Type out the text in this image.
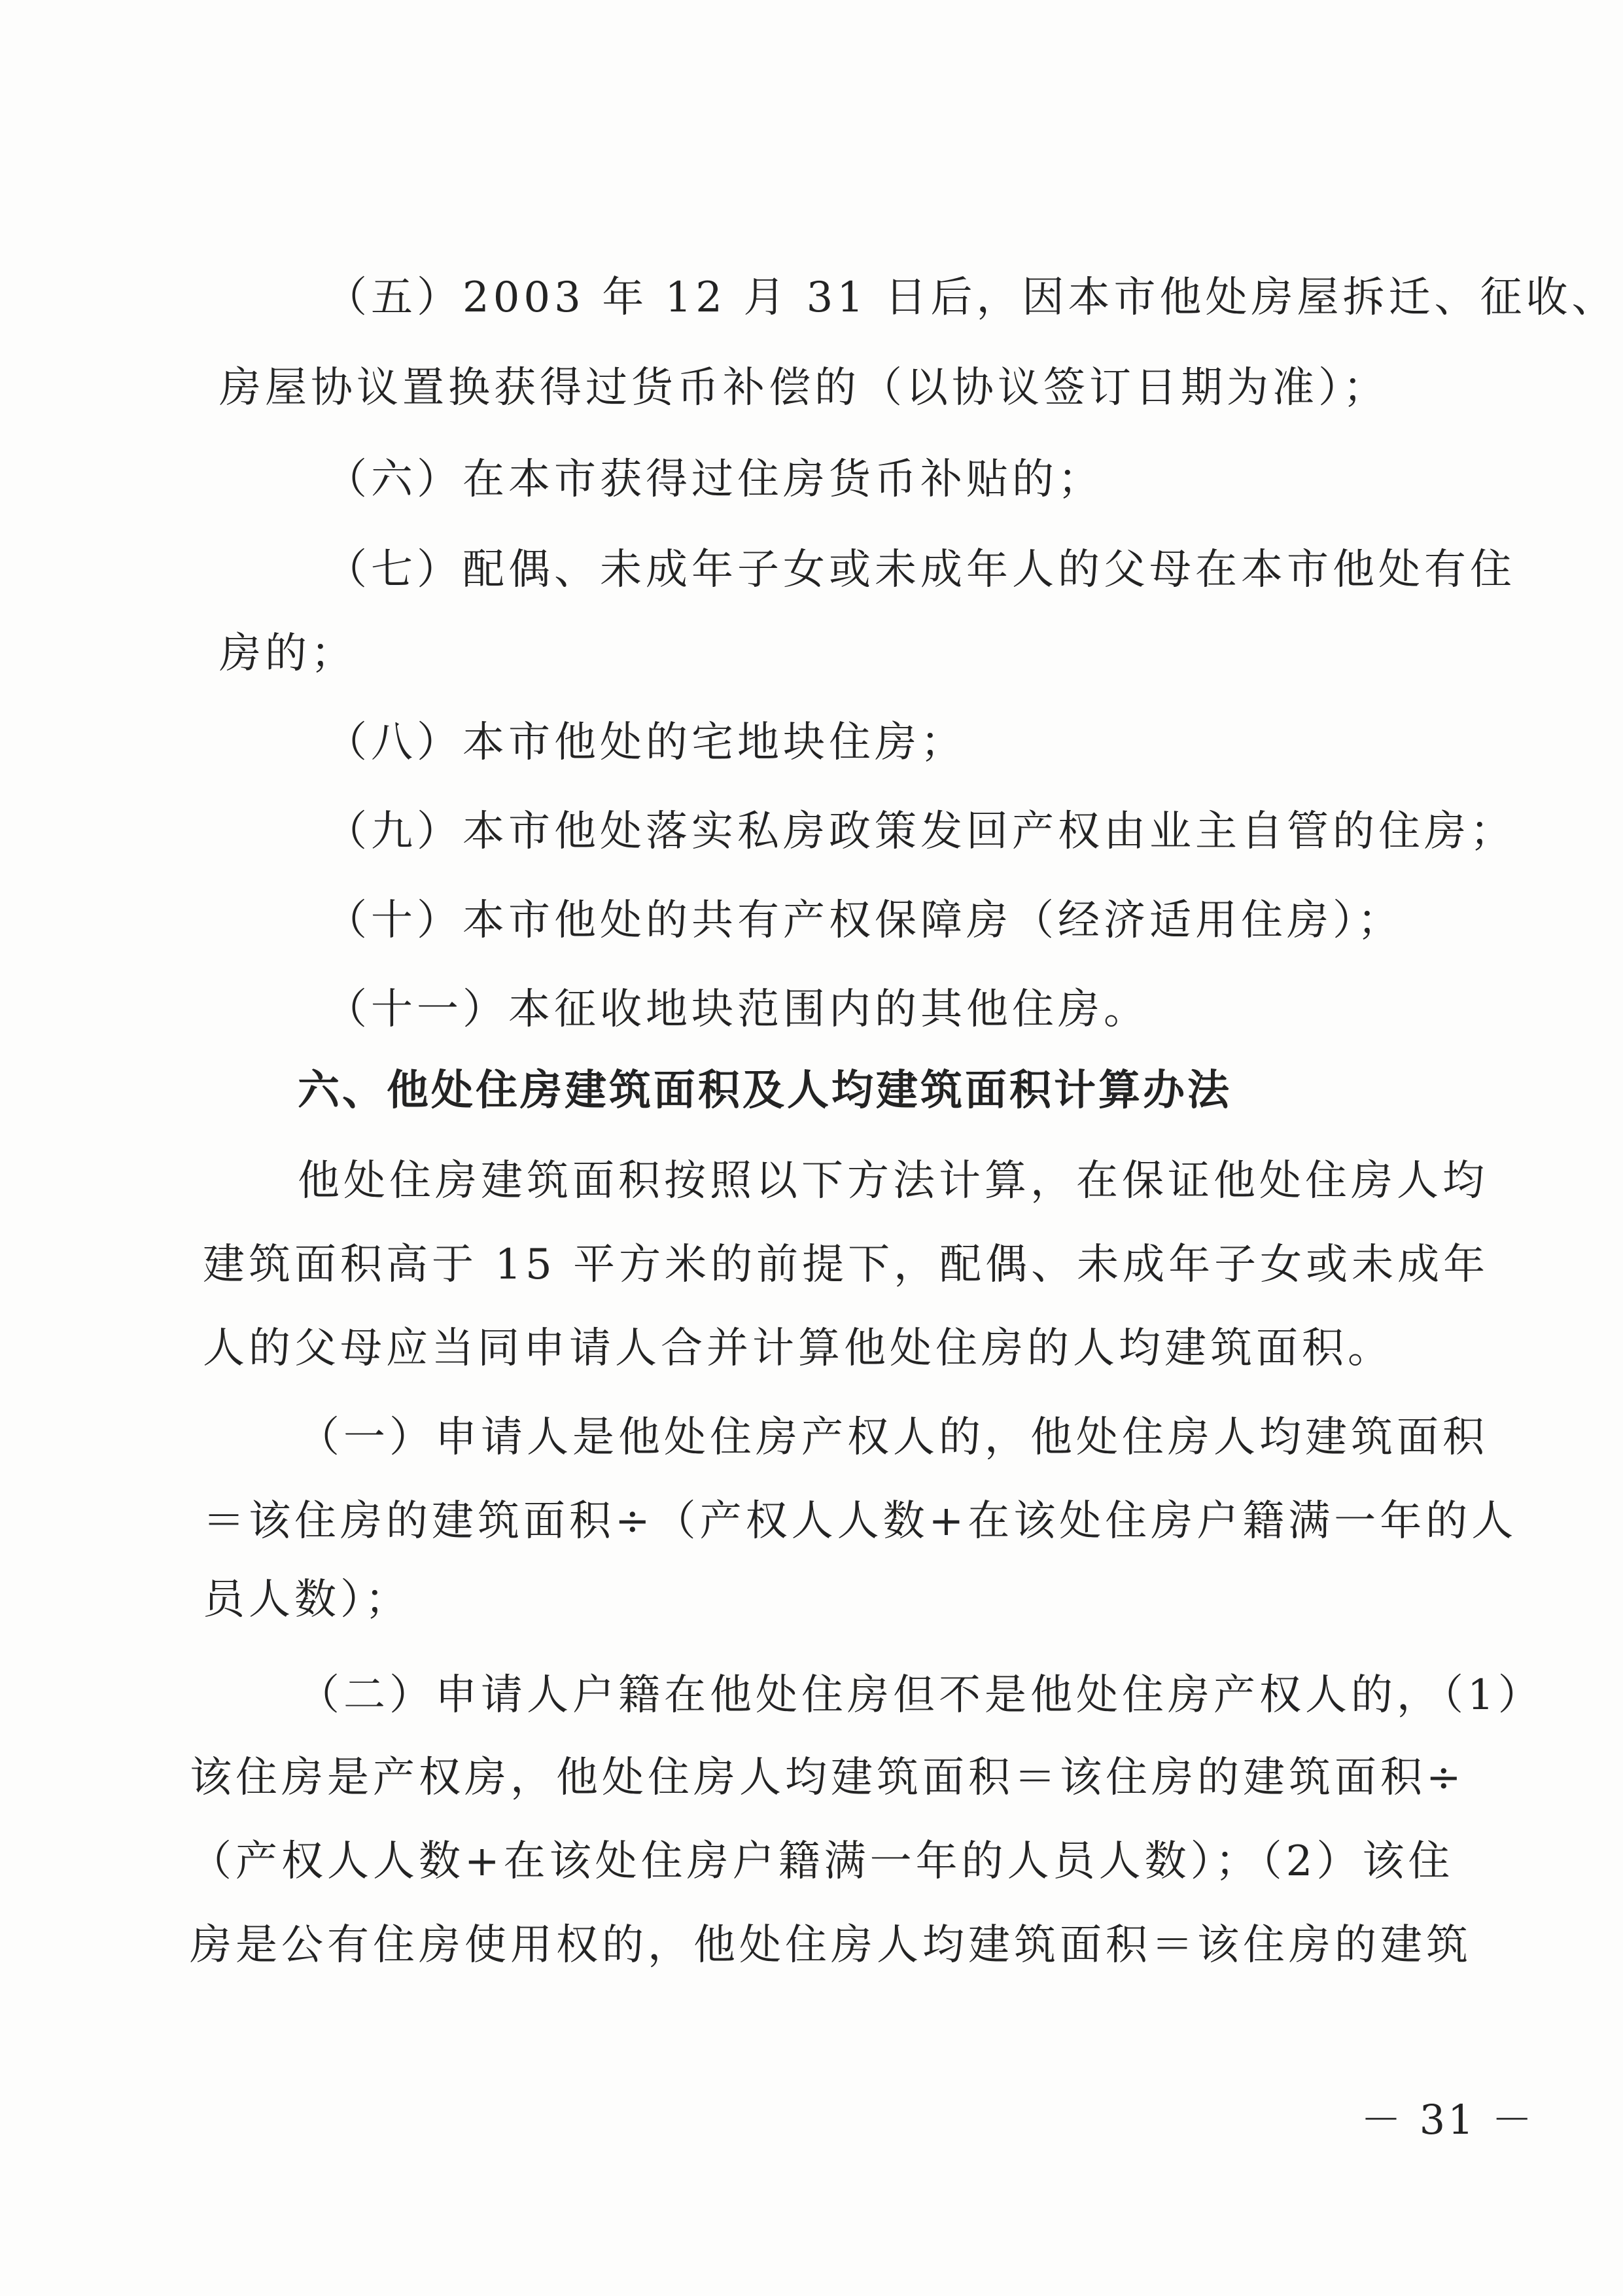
（五）2003 年 12 月 31 日后，因本市他处房屋拆迁、征收、
房屋协议置换获得过货币补偿的（以协议签订日期为准）；
（六）在本市获得过住房货币补贴的；
（七）配偶、未成年子女或未成年人的父母在本市他处有住
房的；
（八）本市他处的宅地块住房；
（九）本市他处落实私房政策发回产权由业主自管的住房；
（十）本市他处的共有产权保障房（经济适用住房）；
（十一）本征收地块范围内的其他住房。
六、他处住房建筑面积及人均建筑面积计算办法
他处住房建筑面积按照以下方法计算，在保证他处住房人均
建筑面积高于 15 平方米的前提下，配偶、未成年子女或未成年
人的父母应当同申请人合并计算他处住房的人均建筑面积。
（一）申请人是他处住房产权人的，他处住房人均建筑面积
＝该住房的建筑面积÷（产权人人数+在该处住房户籍满一年的人
员人数）；
（二）申请人户籍在他处住房但不是他处住房产权人的，（1）
该住房是产权房，他处住房人均建筑面积＝该住房的建筑面积÷
（产权人人数+在该处住房户籍满一年的人员人数）；（2）该住
房是公有住房使用权的，他处住房人均建筑面积＝该住房的建筑
－ 31 －
